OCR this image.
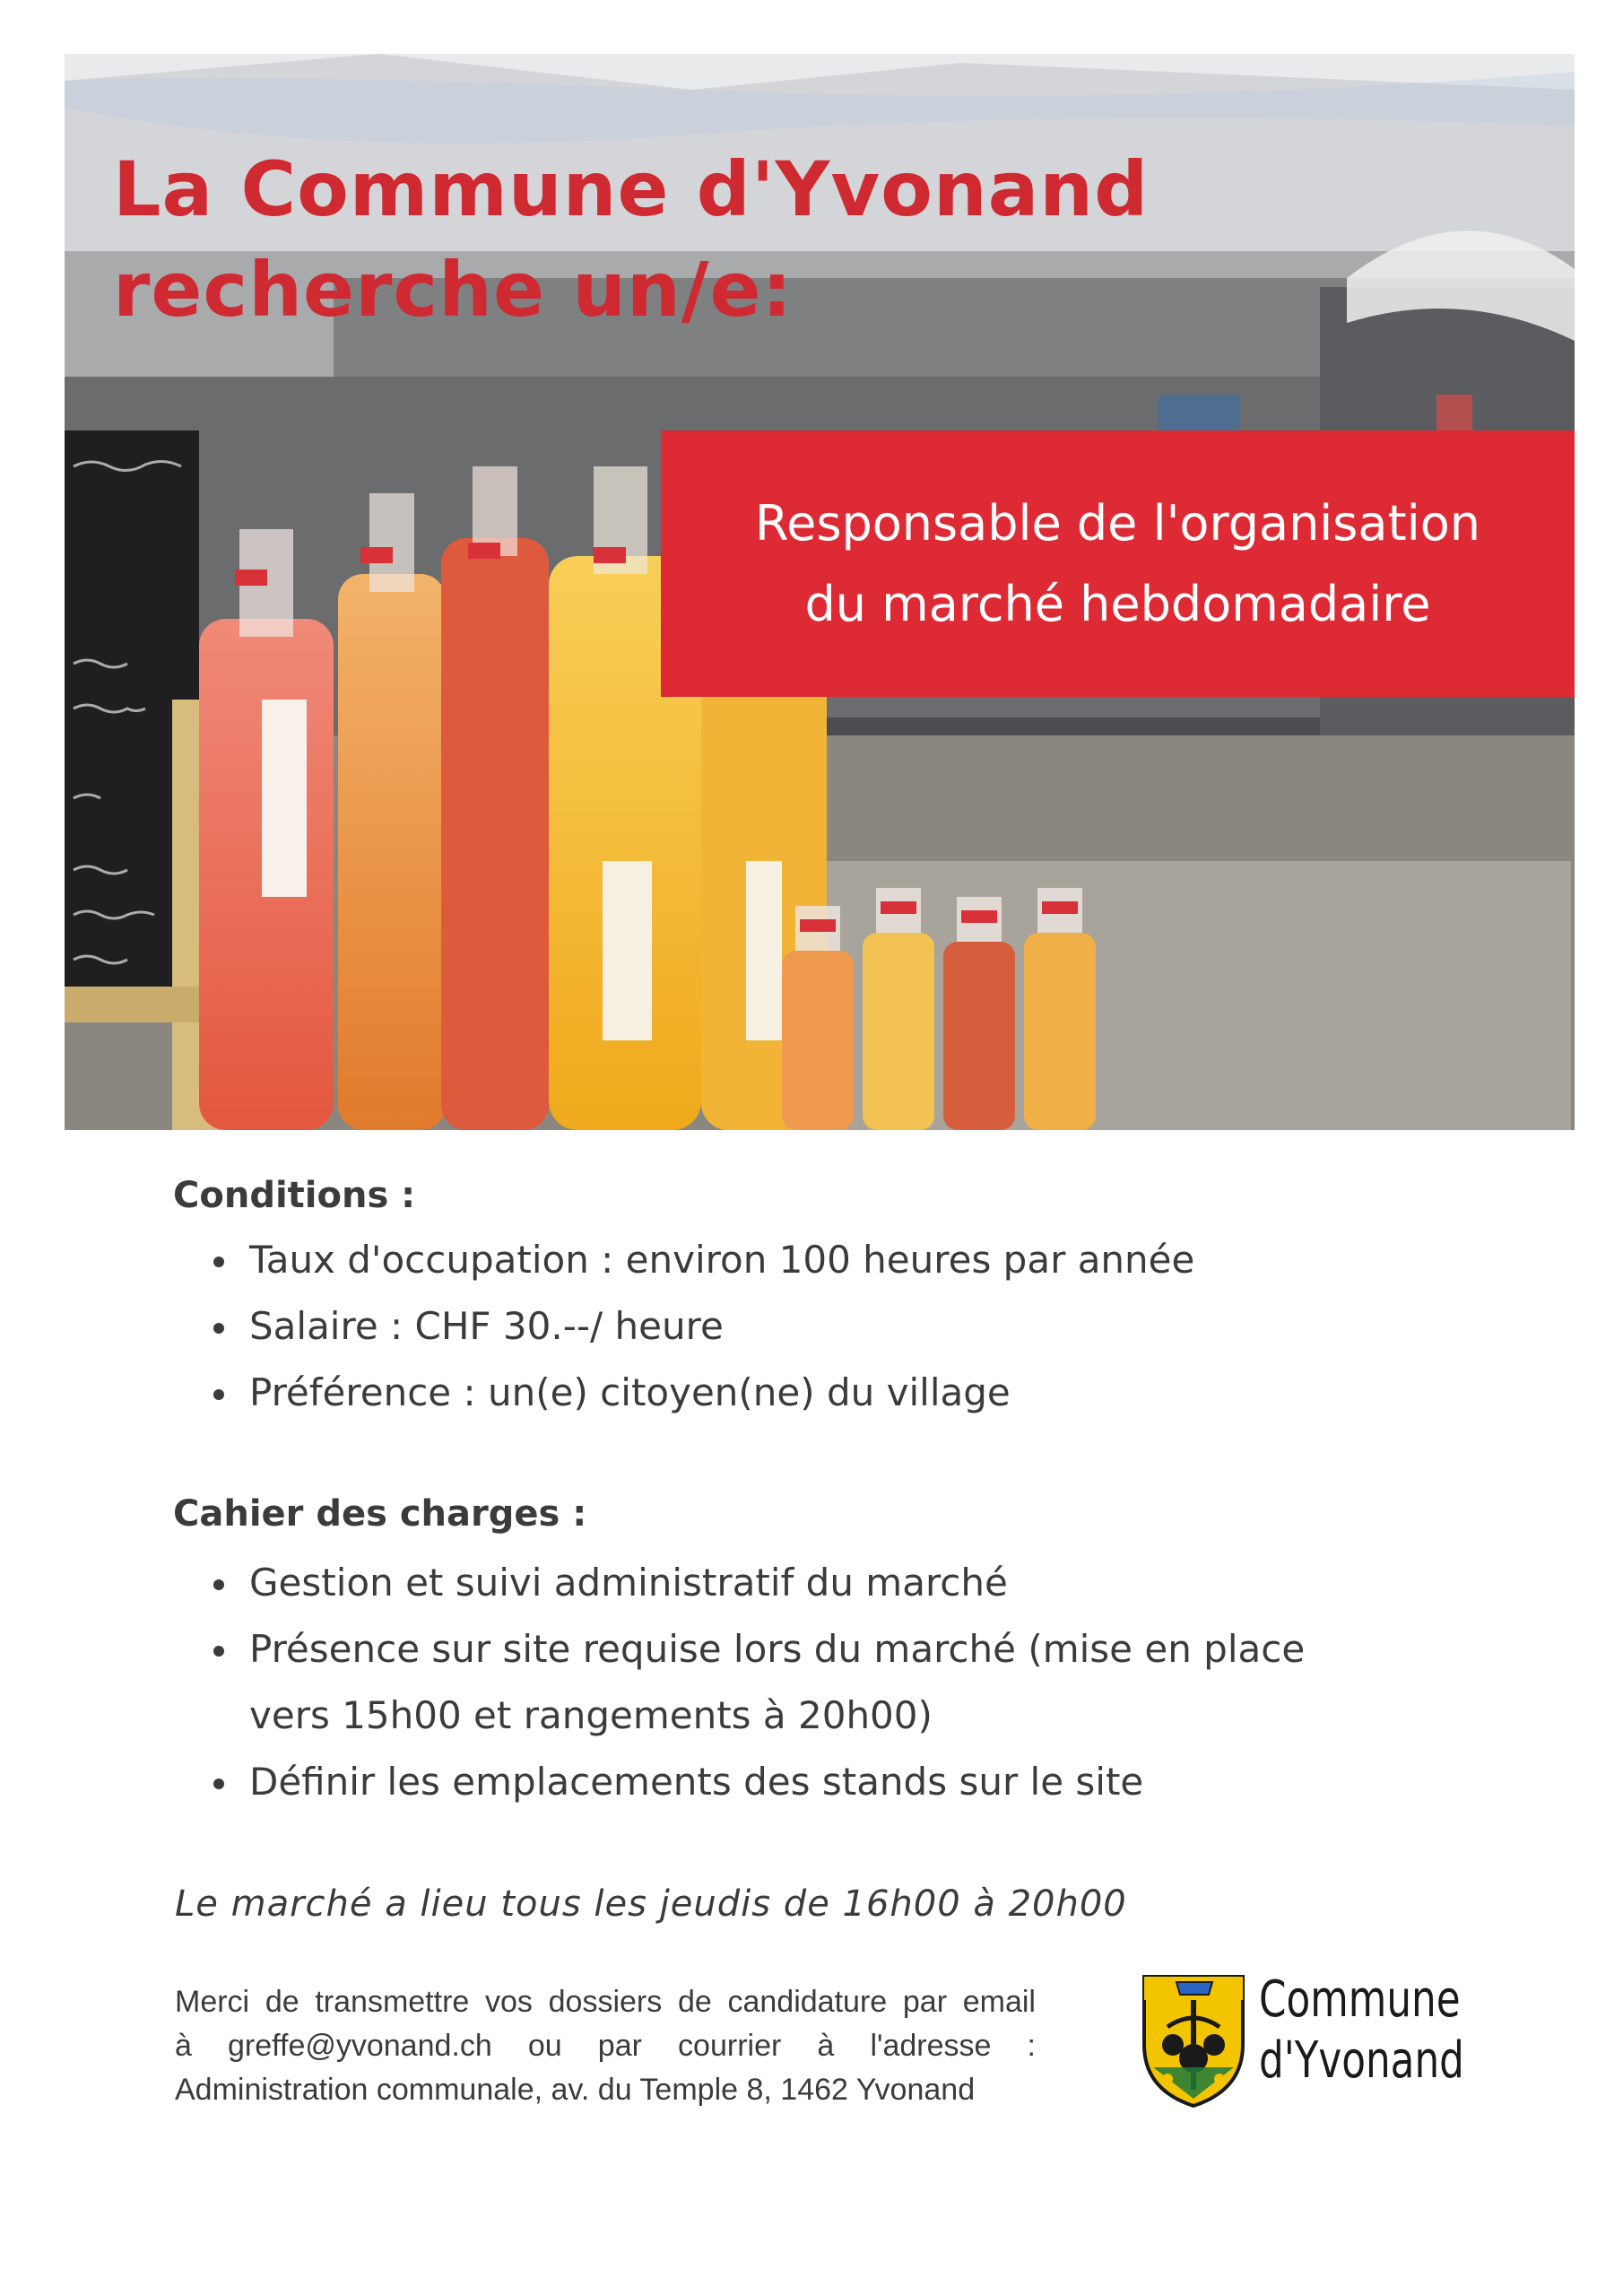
La Commune d'Yvonand
recherche un/e:
Responsable de l'organisation
du marché hebdomadaire
Conditions :
Taux d'occupation : environ 100 heures par année
Salaire : CHF 30.--/ heure
Préférence : un(e) citoyen(ne) du village
Cahier des charges :
Gestion et suivi administratif du marché
Présence sur site requise lors du marché (mise en place
vers 15h00 et rangements à 20h00)
Définir les emplacements des stands sur le site

Le marché a lieu tous les jeudis de 16h00 à 20h00

Merci de transmettre vos dossiers de candidature par email
à greffe@yvonand.ch ou par courrier à l'adresse :
Administration communale, av. du Temple 8, 1462 Yvonand

Commune
d'Yvonand
